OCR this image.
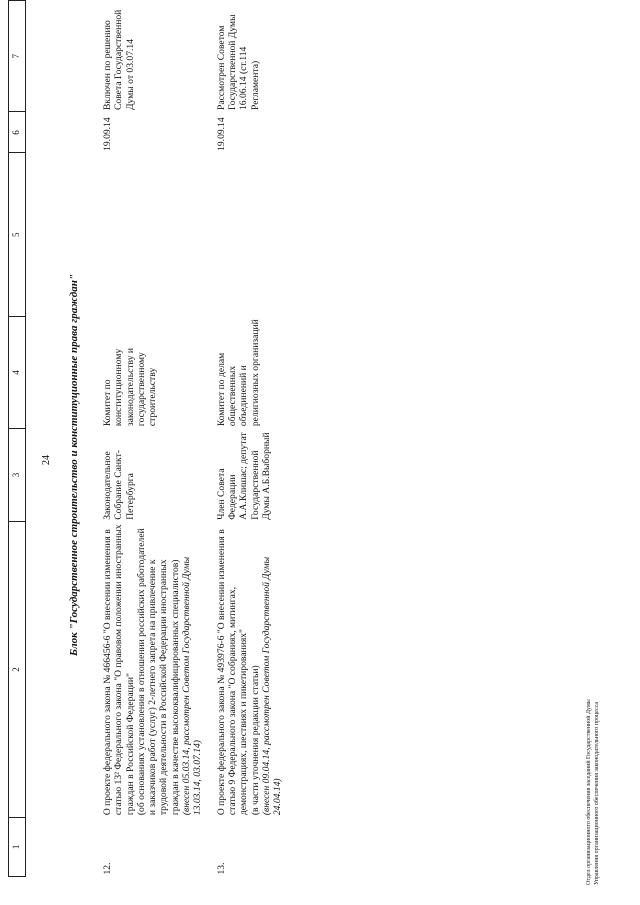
24
1	2	3	4	5	6	7
12.	О проекте федерального закона № 466456-6 "О внесении изменения в статью 13² Федерального закона "О правовом положении иностранных граждан в Российской Федерации" (об основаниях установления в отношении российских работодателей и заказчиков работ (услуг) 2-летнего запрета на привлечение к трудовой деятельности в Российской Федерации иностранных граждан в качестве высококвалифицированных специалистов) (внесен 05.03.14, рассмотрен Советом Государственной Думы 13.03.14, 03.07.14)	Законодательное Собрание Санкт-Петербурга	Комитет по конституционному законодательству и государственному строительству		19.09.14	Включен по решению Совета Государственной Думы от 03.07.14
13.	О проекте федерального закона № 493976-6 "О внесении изменения в статью 9 Федерального закона "О собраниях, митингах, демонстрациях, шествиях и пикетированиях" (в части уточнения редакции статьи) (внесен 09.04.14, рассмотрен Советом Государственной Думы 24.04.14)	Член Совета Федерации А.А.Клишас; депутат Государственной Думы А.Б.Выборный	Комитет по делам общественных объединений и религиозных организаций		19.09.14	Рассмотрен Советом Государственной Думы 16.06.14 (ст.114 Регламента)
Блок "Государственное строительство и конституционные права граждан"
Отдел организационного обеспечения заседаний Государственной Думы Управления организационного обеспечения законодательного процесса
